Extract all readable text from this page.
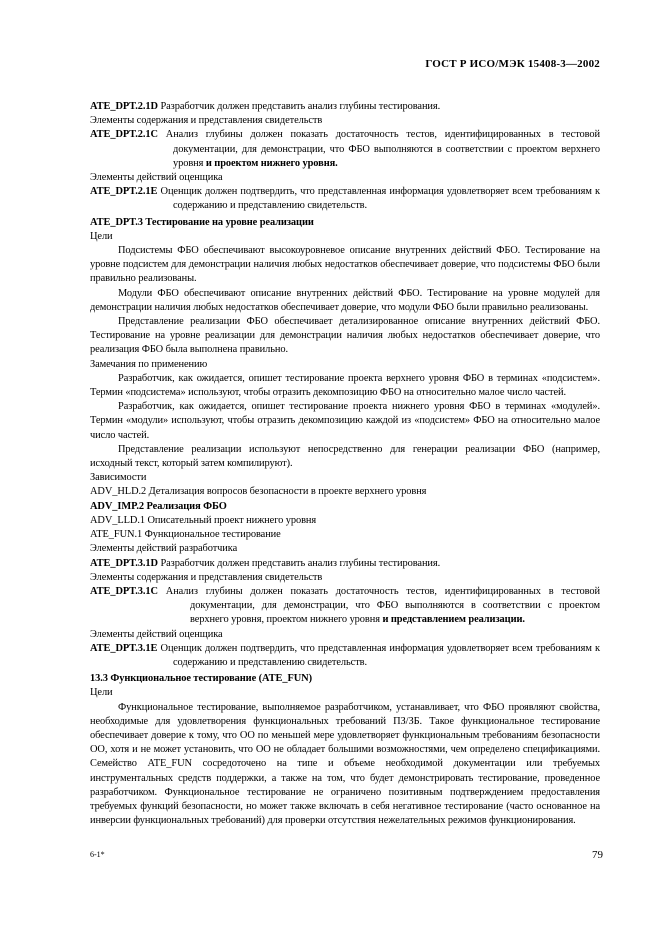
ГОСТ Р ИСО/МЭК 15408-3—2002

ATE_DPT.2.1D Разработчик должен представить анализ глубины тестирования.

Элементы содержания и представления свидетельств

ATE_DPT.2.1C Анализ глубины должен показать достаточность тестов, идентифицированных в тестовой документации, для демонстрации, что ФБО выполняются в соответствии с проектом верхнего уровня и проектом нижнего уровня.

Элементы действий оценщика

ATE_DPT.2.1E Оценщик должен подтвердить, что представленная информация удовлетворяет всем требованиям к содержанию и представлению свидетельств.

ATE_DPT.3 Тестирование на уровне реализации

Цели

Подсистемы ФБО обеспечивают высокоуровневое описание внутренних действий ФБО. Тестирование на уровне подсистем для демонстрации наличия любых недостатков обеспечивает доверие, что подсистемы ФБО были правильно реализованы.

Модули ФБО обеспечивают описание внутренних действий ФБО. Тестирование на уровне модулей для демонстрации наличия любых недостатков обеспечивает доверие, что модули ФБО были правильно реализованы.

Представление реализации ФБО обеспечивает детализированное описание внутренних действий ФБО. Тестирование на уровне реализации для демонстрации наличия любых недостатков обеспечивает доверие, что реализация ФБО была выполнена правильно.

Замечания по применению

Разработчик, как ожидается, опишет тестирование проекта верхнего уровня ФБО в терминах «подсистем». Термин «подсистема» используют, чтобы отразить декомпозицию ФБО на относительно малое число частей.

Разработчик, как ожидается, опишет тестирование проекта нижнего уровня ФБО в терминах «модулей». Термин «модули» используют, чтобы отразить декомпозицию каждой из «подсистем» ФБО на относительно малое число частей.

Представление реализации используют непосредственно для генерации реализации ФБО (например, исходный текст, который затем компилируют).

Зависимости

ADV_HLD.2 Детализация вопросов безопасности в проекте верхнего уровня

ADV_IMP.2 Реализация ФБО

ADV_LLD.1 Описательный проект нижнего уровня

ATE_FUN.1 Функциональное тестирование

Элементы действий разработчика

ATE_DPT.3.1D Разработчик должен представить анализ глубины тестирования.

Элементы содержания и представления свидетельств

ATE_DPT.3.1C Анализ глубины должен показать достаточность тестов, идентифицированных в тестовой документации, для демонстрации, что ФБО выполняются в соответствии с проектом верхнего уровня, проектом нижнего уровня и представлением реализации.

Элементы действий оценщика

ATE_DPT.3.1E Оценщик должен подтвердить, что представленная информация удовлетворяет всем требованиям к содержанию и представлению свидетельств.

13.3 Функциональное тестирование (ATE_FUN)

Цели

Функциональное тестирование, выполняемое разработчиком, устанавливает, что ФБО проявляют свойства, необходимые для удовлетворения функциональных требований ПЗ/ЗБ. Такое функциональное тестирование обеспечивает доверие к тому, что ОО по меньшей мере удовлетворяет функциональным требованиям безопасности ОО, хотя и не может установить, что ОО не обладает большими возможностями, чем определено спецификациями. Семейство ATE_FUN сосредоточено на типе и объеме необходимой документации или требуемых инструментальных средств поддержки, а также на том, что будет демонстрировать тестирование, проведенное разработчиком. Функциональное тестирование не ограничено позитивным подтверждением предоставления требуемых функций безопасности, но может также включать в себя негативное тестирование (часто основанное на инверсии функциональных требований) для проверки отсутствия нежелательных режимов функционирования.

6-1*	79
